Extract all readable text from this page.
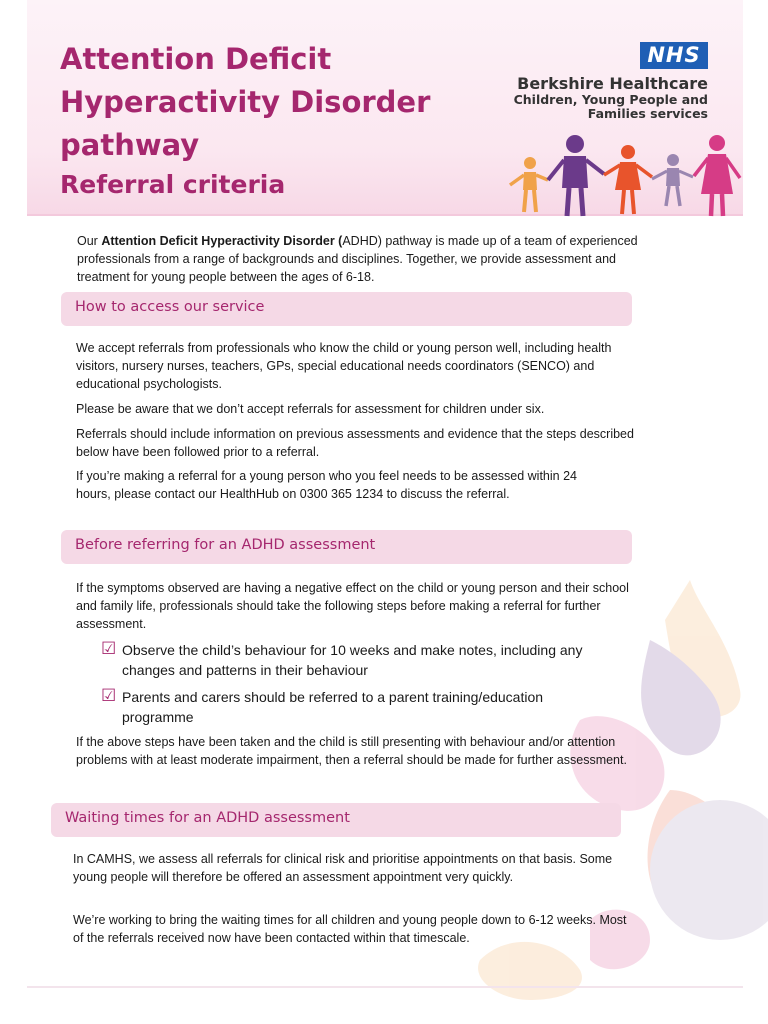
Attention Deficit Hyperactivity Disorder pathway
Referral criteria
NHS
Berkshire Healthcare
Children, Young People and Families services

Our Attention Deficit Hyperactivity Disorder (ADHD) pathway is made up of a team of experienced professionals from a range of backgrounds and disciplines. Together, we provide assessment and treatment for young people between the ages of 6-18.

How to access our service

We accept referrals from professionals who know the child or young person well, including health visitors, nursery nurses, teachers, GPs, special educational needs coordinators (SENCO) and educational psychologists.

Please be aware that we don’t accept referrals for assessment for children under six.

Referrals should include information on previous assessments and evidence that the steps described below have been followed prior to a referral.

If you’re making a referral for a young person who you feel needs to be assessed within 24 hours, please contact our HealthHub on 0300 365 1234 to discuss the referral.

Before referring for an ADHD assessment

If the symptoms observed are having a negative effect on the child or young person and their school and family life, professionals should take the following steps before making a referral for further assessment.

☑ Observe the child’s behaviour for 10 weeks and make notes, including any changes and patterns in their behaviour
☑ Parents and carers should be referred to a parent training/education programme

If the above steps have been taken and the child is still presenting with behaviour and/or attention problems with at least moderate impairment, then a referral should be made for further assessment.

Waiting times for an ADHD assessment

In CAMHS, we assess all referrals for clinical risk and prioritise appointments on that basis. Some young people will therefore be offered an assessment appointment very quickly.

We’re working to bring the waiting times for all children and young people down to 6-12 weeks. Most of the referrals received now have been contacted within that timescale.
